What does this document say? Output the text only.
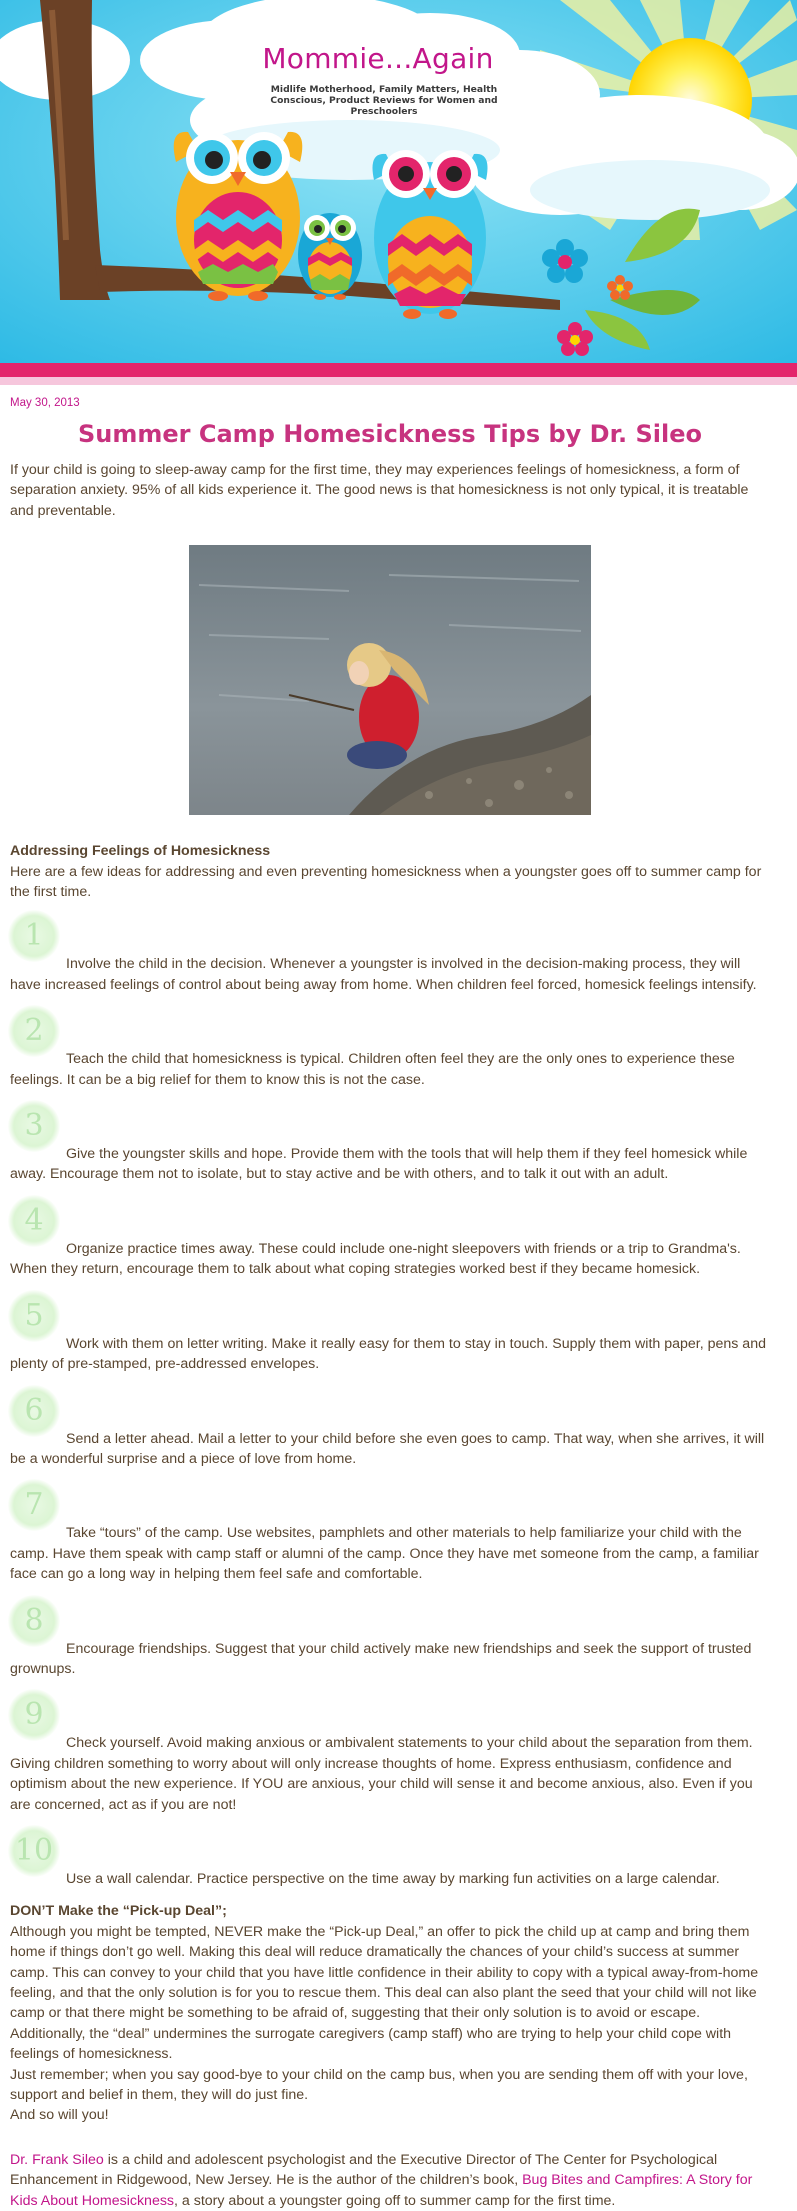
Mommie...Again
Midlife Motherhood, Family Matters, Health Conscious, Product Reviews for Women and Preschoolers

May 30, 2013

Summer Camp Homesickness Tips by Dr. Sileo

If your child is going to sleep-away camp for the first time, they may experiences feelings of homesickness, a form of separation anxiety. 95% of all kids experience it. The good news is that homesickness is not only typical, it is treatable and preventable.

Addressing Feelings of Homesickness

Here are a few ideas for addressing and even preventing homesickness when a youngster goes off to summer camp for the first time.

1

Involve the child in the decision. Whenever a youngster is involved in the decision-making process, they will have increased feelings of control about being away from home. When children feel forced, homesick feelings intensify.

2

Teach the child that homesickness is typical. Children often feel they are the only ones to experience these feelings. It can be a big relief for them to know this is not the case.

3

Give the youngster skills and hope. Provide them with the tools that will help them if they feel homesick while away. Encourage them not to isolate, but to stay active and be with others, and to talk it out with an adult.

4

Organize practice times away. These could include one-night sleepovers with friends or a trip to Grandma's. When they return, encourage them to talk about what coping strategies worked best if they became homesick.

5

Work with them on letter writing. Make it really easy for them to stay in touch. Supply them with paper, pens and plenty of pre-stamped, pre-addressed envelopes.

6

Send a letter ahead. Mail a letter to your child before she even goes to camp. That way, when she arrives, it will be a wonderful surprise and a piece of love from home.

7

Take “tours” of the camp. Use websites, pamphlets and other materials to help familiarize your child with the camp. Have them speak with camp staff or alumni of the camp. Once they have met someone from the camp, a familiar face can go a long way in helping them feel safe and comfortable.

8

Encourage friendships. Suggest that your child actively make new friendships and seek the support of trusted grownups.

9

Check yourself. Avoid making anxious or ambivalent statements to your child about the separation from them. Giving children something to worry about will only increase thoughts of home. Express enthusiasm, confidence and optimism about the new experience. If YOU are anxious, your child will sense it and become anxious, also. Even if you are concerned, act as if you are not!

10

Use a wall calendar. Practice perspective on the time away by marking fun activities on a large calendar.

DON’T Make the “Pick-up Deal”;

Although you might be tempted, NEVER make the “Pick-up Deal,” an offer to pick the child up at camp and bring them home if things don’t go well. Making this deal will reduce dramatically the chances of your child’s success at summer camp. This can convey to your child that you have little confidence in their ability to copy with a typical away-from-home feeling, and that the only solution is for you to rescue them. This deal can also plant the seed that your child will not like camp or that there might be something to be afraid of, suggesting that their only solution is to avoid or escape. Additionally, the “deal” undermines the surrogate caregivers (camp staff) who are trying to help your child cope with feelings of homesickness.

Just remember; when you say good-bye to your child on the camp bus, when you are sending them off with your love, support and belief in them, they will do just fine.

And so will you!

Dr. Frank Sileo is a child and adolescent psychologist and the Executive Director of The Center for Psychological Enhancement in Ridgewood, New Jersey. He is the author of the children’s book, Bug Bites and Campfires: A Story for Kids About Homesickness, a story about a youngster going off to summer camp for the first time.
